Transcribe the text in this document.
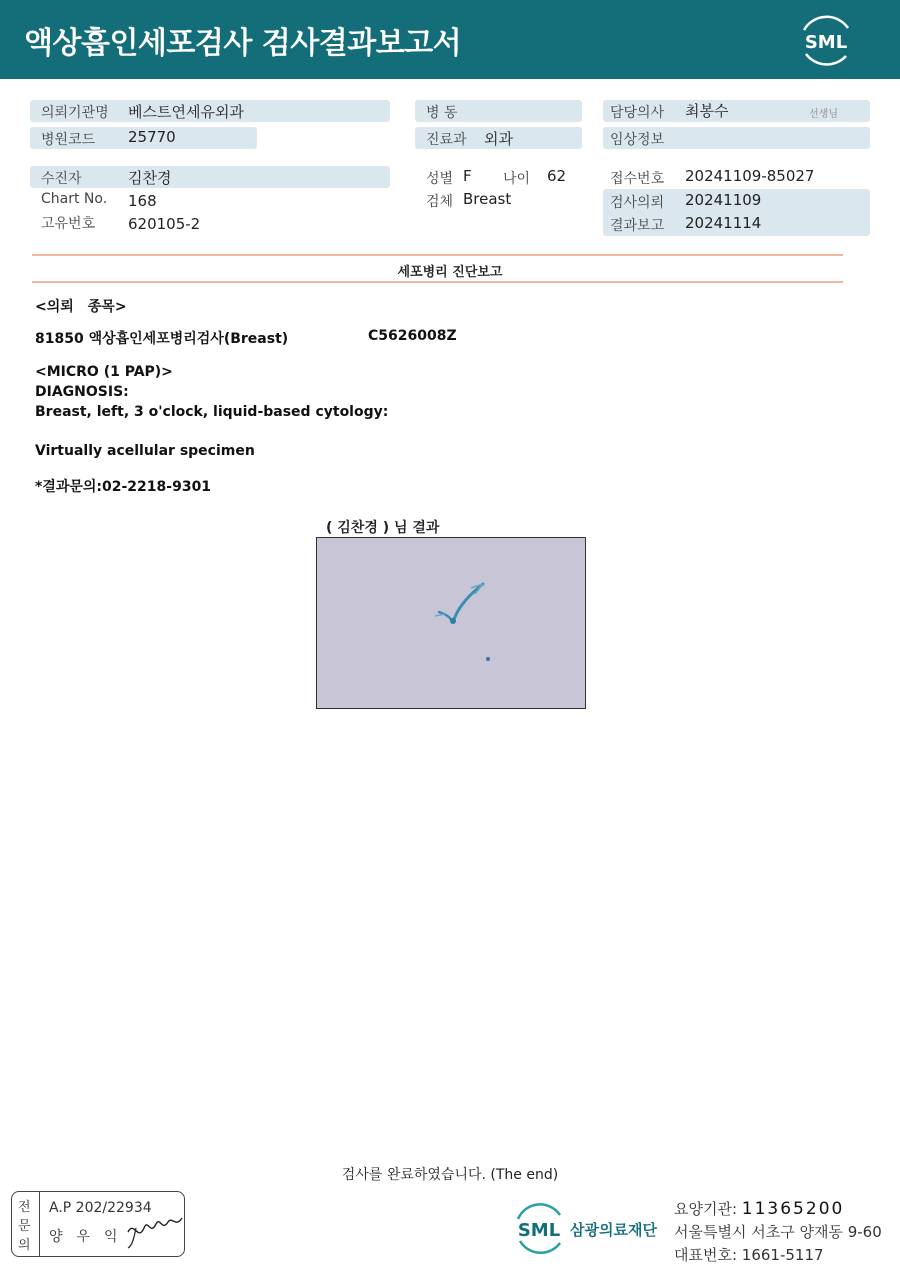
액상흡인세포검사 검사결과보고서	SML
의뢰기관명 베스트연세유외과
병원코드 25770
수진자	김찬경
Chart No. 168
고유번호 620105-2
병 동
진료과 외과
성별 F 나이 62
검체 Breast
담당의사 최봉수	선생님
임상정보
접수번호 20241109-85027
검사의뢰 20241109
결과보고 20241114
세포병리 진단보고
<의뢰　종목>
81850 액상흡인세포병리검사(Breast)	C5626008Z
<MICRO (1 PAP)>
DIAGNOSIS:
Breast, left, 3 o'clock, liquid-based cytology:
Virtually acellular specimen
*결과문의:02-2218-9301
( 김찬경 ) 님 결과
검사를 완료하였습니다. (The end)
전
문
의
A.P 202/22934
양우익	SML 삼광의료재단
요양기관: 11365200
서울특별시 서초구 양재동 9-60
대표번호: 1661-5117
